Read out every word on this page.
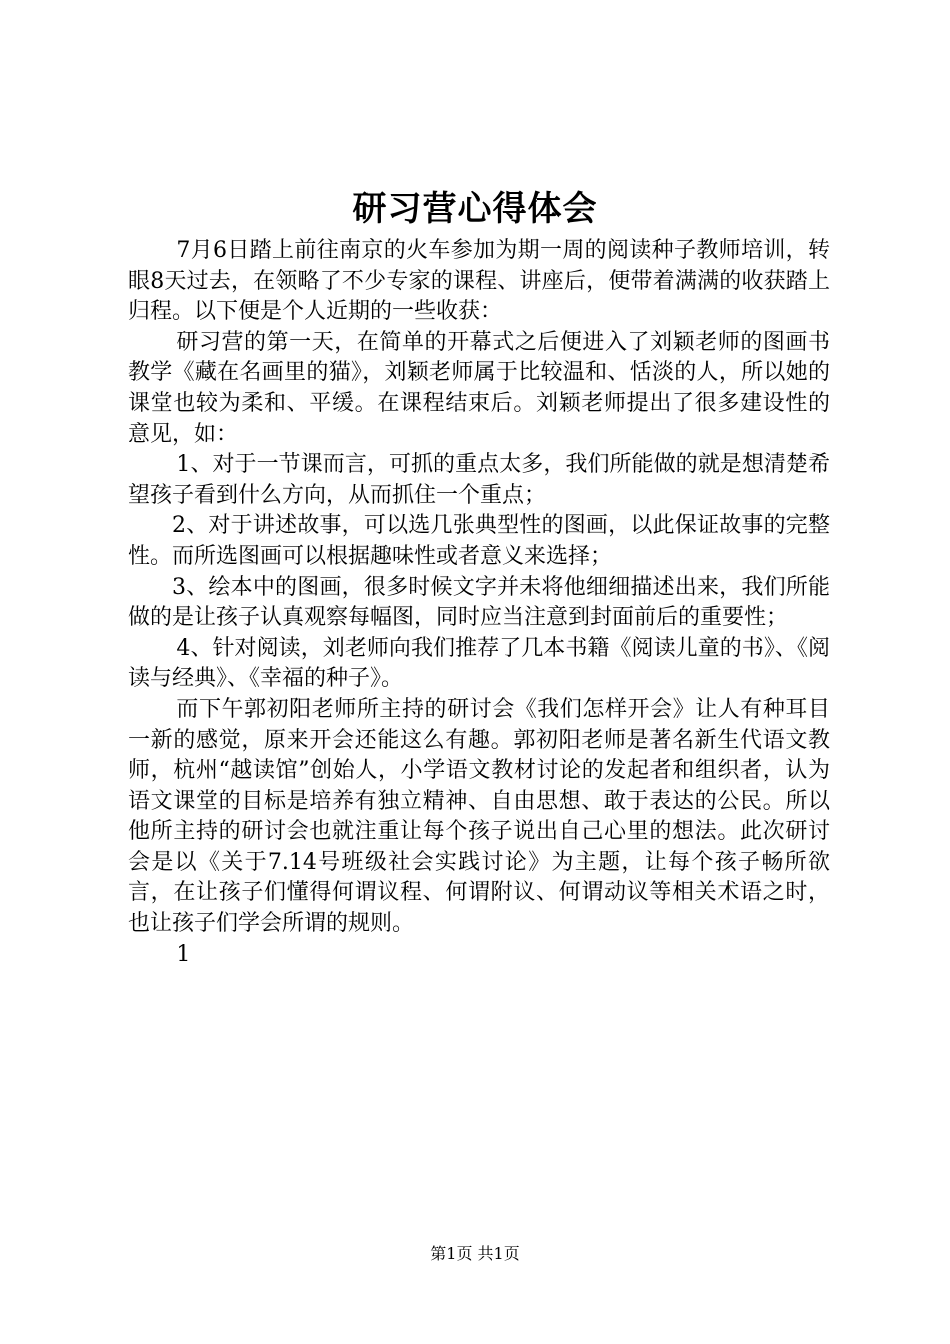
研习营心得体会

7月6日踏上前往南京的火车参加为期一周的阅读种子教师培训，转眼8天过去，在领略了不少专家的课程、讲座后，便带着满满的收获踏上归程。以下便是个人近期的一些收获：

研习营的第一天，在简单的开幕式之后便进入了刘颖老师的图画书教学《藏在名画里的猫》，刘颖老师属于比较温和、恬淡的人，所以她的课堂也较为柔和、平缓。在课程结束后。刘颖老师提出了很多建设性的意见，如：

1、对于一节课而言，可抓的重点太多，我们所能做的就是想清楚希望孩子看到什么方向，从而抓住一个重点；

2、对于讲述故事，可以选几张典型性的图画，以此保证故事的完整性。而所选图画可以根据趣味性或者意义来选择；

3、绘本中的图画，很多时候文字并未将他细细描述出来，我们所能做的是让孩子认真观察每幅图，同时应当注意到封面前后的重要性；

4、针对阅读，刘老师向我们推荐了几本书籍《阅读儿童的书》、《阅读与经典》、《幸福的种子》。

而下午郭初阳老师所主持的研讨会《我们怎样开会》让人有种耳目一新的感觉，原来开会还能这么有趣。郭初阳老师是著名新生代语文教师，杭州“越读馆”创始人，小学语文教材讨论的发起者和组织者，认为语文课堂的目标是培养有独立精神、自由思想、敢于表达的公民。所以他所主持的研讨会也就注重让每个孩子说出自己心里的想法。此次研讨会是以《关于7.14号班级社会实践讨论》为主题，让每个孩子畅所欲言，在让孩子们懂得何谓议程、何谓附议、何谓动议等相关术语之时，也让孩子们学会所谓的规则。

1

第1页 共1页
